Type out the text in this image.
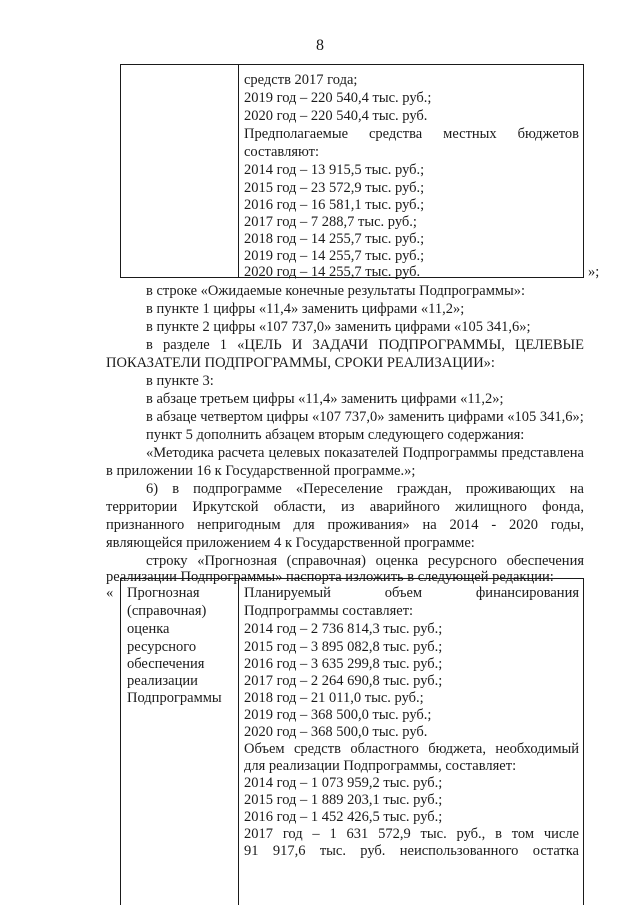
8
средств 2017 года;
2019 год – 220 540,4 тыс. руб.;
2020 год – 220 540,4 тыс. руб.
Предполагаемые средства местных бюджетов
составляют:
2014 год – 13 915,5 тыс. руб.;
2015 год – 23 572,9 тыс. руб.;
2016 год – 16 581,1 тыс. руб.;
2017 год – 7 288,7 тыс. руб.;
2018 год – 14 255,7 тыс. руб.;
2019 год – 14 255,7 тыс. руб.;
2020 год – 14 255,7 тыс. руб.	»;
в строке «Ожидаемые конечные результаты Подпрограммы»:
в пункте 1 цифры «11,4» заменить цифрами «11,2»;
в пункте 2 цифры «107 737,0» заменить цифрами «105 341,6»;
в разделе 1 «ЦЕЛЬ И ЗАДАЧИ ПОДПРОГРАММЫ, ЦЕЛЕВЫЕ
ПОКАЗАТЕЛИ ПОДПРОГРАММЫ, СРОКИ РЕАЛИЗАЦИИ»:
в пункте 3:
в абзаце третьем цифры «11,4» заменить цифрами «11,2»;
в абзаце четвертом цифры «107 737,0» заменить цифрами «105 341,6»;
пункт 5 дополнить абзацем вторым следующего содержания:
«Методика расчета целевых показателей Подпрограммы представлена
в приложении 16 к Государственной программе.»;
6) в подпрограмме «Переселение граждан, проживающих на
территории Иркутской области, из аварийного жилищного фонда,
признанного непригодным для проживания» на 2014 - 2020 годы,
являющейся приложением 4 к Государственной программе:
строку «Прогнозная (справочная) оценка ресурсного обеспечения
реализации Подпрограммы» паспорта изложить в следующей редакции:
« Прогнозная
(справочная)
оценка
ресурсного
обеспечения
реализации
Подпрограммы
Планируемый объем финансирования
Подпрограммы составляет:
2014 год – 2 736 814,3 тыс. руб.;
2015 год – 3 895 082,8 тыс. руб.;
2016 год – 3 635 299,8 тыс. руб.;
2017 год – 2 264 690,8 тыс. руб.;
2018 год – 21 011,0 тыс. руб.;
2019 год – 368 500,0 тыс. руб.;
2020 год – 368 500,0 тыс. руб.
Объем средств областного бюджета, необходимый
для реализации Подпрограммы, составляет:
2014 год – 1 073 959,2 тыс. руб.;
2015 год – 1 889 203,1 тыс. руб.;
2016 год – 1 452 426,5 тыс. руб.;
2017 год – 1 631 572,9 тыс. руб., в том числе
91 917,6 тыс. руб. неиспользованного остатка
